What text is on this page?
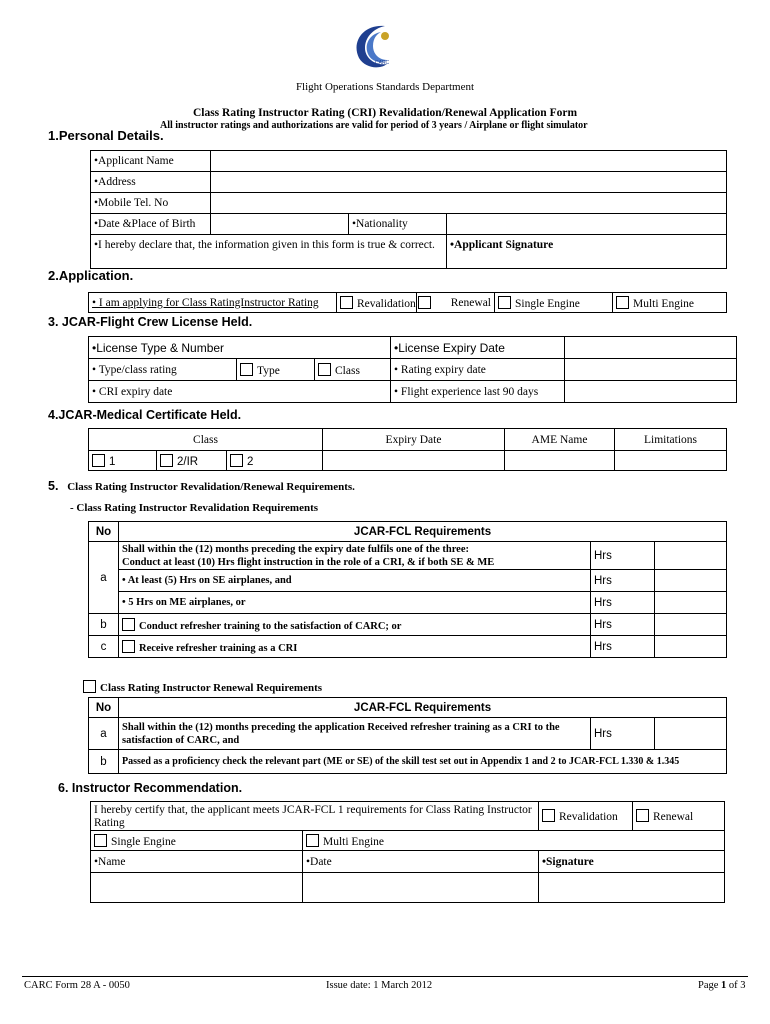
CARC
Flight Operations Standards Department
Class Rating Instructor Rating (CRI) Revalidation/Renewal Application Form
All instructor ratings and authorizations are valid for period of 3 years / Airplane or flight simulator
1.Personal Details.
•Applicant Name			
•Address			
•Mobile Tel. No			
•Date &Place of Birth		•Nationality	
•I hereby declare that, the information given in this form is true & correct.			•Applicant Signature
2.Application.
• I am applying for Class RatingInstructor Rating	Revalidation	Renewal	Single Engine	Multi Engine
3. JCAR-Flight Crew License Held.
•License Type & Number			•License Expiry Date	
• Type/class rating	Type	Class	• Rating expiry date	
• CRI expiry date			• Flight experience last 90 days	
4.JCAR-Medical Certificate Held.
Class			Expiry Date	AME Name	Limitations
1	2/IR	2			
5. Class Rating Instructor Revalidation/Renewal Requirements.
- Class Rating Instructor Revalidation Requirements
No	JCAR-FCL Requirements		
a	Shall within the (12) months preceding the expiry date fulfils one of the three:
Conduct at least (10) Hrs flight instruction in the role of a CRI, & if both SE & ME	Hrs	
	• At least (5) Hrs on SE airplanes, and	Hrs	
	• 5 Hrs on ME airplanes, or	Hrs	
b	Conduct refresher training to the satisfaction of CARC; or	Hrs	
c	Receive refresher training as a CRI	Hrs	
Class Rating Instructor Renewal Requirements
No	JCAR-FCL Requirements		
a	Shall within the (12) months preceding the application Received refresher training as a CRI to the satisfaction of CARC, and	Hrs	
b	Passed as a proficiency check the relevant part (ME or SE) of the skill test set out in Appendix 1 and 2 to JCAR-FCL 1.330 & 1.345		
6. Instructor Recommendation.
I hereby certify that, the applicant meets JCAR-FCL 1 requirements for Class Rating Instructor Rating		Revalidation	Renewal
Single Engine	Multi Engine		
•Name	•Date	•Signature	

CARC Form 28 A - 0050	Issue date: 1 March 2012	Page 1 of 3
